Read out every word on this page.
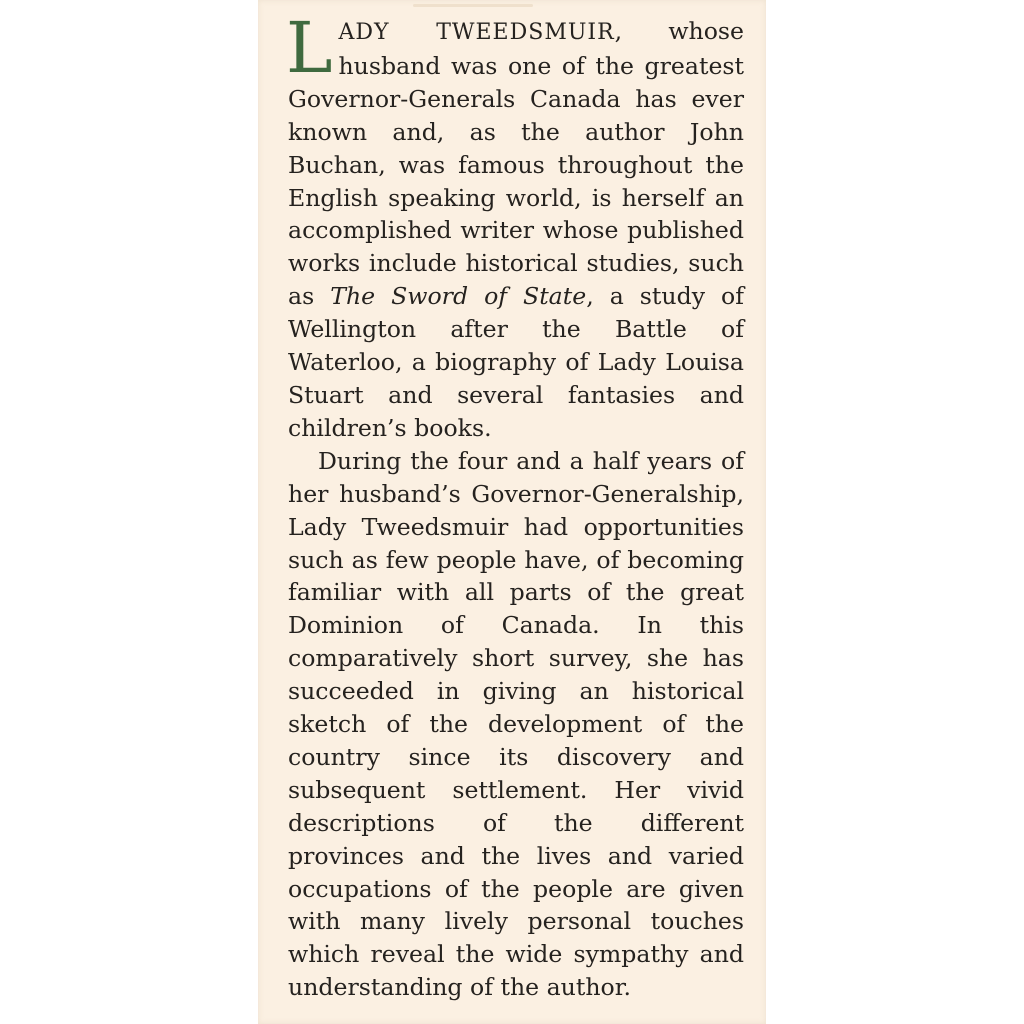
LADY TWEEDSMUIR, whose husband was one of the greatest Governor-Generals Canada has ever known and, as the author John Buchan, was famous throughout the English speaking world, is herself an accomplished writer whose published works include historical studies, such as The Sword of State, a study of Wellington after the Battle of Waterloo, a biography of Lady Louisa Stuart and several fantasies and children’s books.

During the four and a half years of her husband’s Governor-Generalship, Lady Tweedsmuir had opportunities such as few people have, of becoming familiar with all parts of the great Dominion of Canada. In this comparatively short survey, she has succeeded in giving an historical sketch of the development of the country since its discovery and subsequent settlement. Her vivid descriptions of the different provinces and the lives and varied occupations of the people are given with many lively personal touches which reveal the wide sympathy and understanding of the author.
